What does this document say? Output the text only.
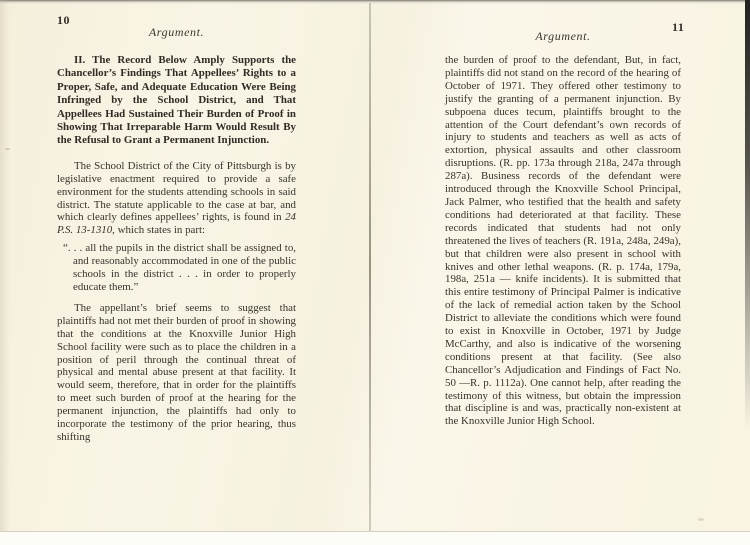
10
Argument.

II. The Record Below Amply Supports the Chancellor’s Findings That Appellees’ Rights to a Proper, Safe, and Adequate Education Were Being Infringed by the School District, and That Appellees Had Sustained Their Burden of Proof in Showing That Irreparable Harm Would Result By the Refusal to Grant a Permanent Injunction.

The School District of the City of Pittsburgh is by legislative enactment required to provide a safe environment for the students attending schools in said district. The statute applicable to the case at bar, and which clearly defines appellees’ rights, is found in 24 P.S. 13-1310, which states in part:

“. . . all the pupils in the district shall be assigned to, and reasonably accommodated in one of the public schools in the district . . . in order to properly educate them.”

The appellant’s brief seems to suggest that plaintiffs had not met their burden of proof in showing that the conditions at the Knoxville Junior High School facility were such as to place the children in a position of peril through the continual threat of physical and mental abuse present at that facility. It would seem, therefore, that in order for the plaintiffs to meet such burden of proof at the hearing for the permanent injunction, the plaintiffs had only to incorporate the testimony of the prior hearing, thus shifting

11
Argument.

the burden of proof to the defendant, But, in fact, plaintiffs did not stand on the record of the hearing of October of 1971. They offered other testimony to justify the granting of a permanent injunction. By subpoena duces tecum, plaintiffs brought to the attention of the Court defendant’s own records of injury to students and teachers as well as acts of extortion, physical assaults and other classroom disruptions. (R. pp. 173a through 218a, 247a through 287a). Business records of the defendant were introduced through the Knoxville School Principal, Jack Palmer, who testified that the health and safety conditions had deteriorated at that facility. These records indicated that students had not only threatened the lives of teachers (R. 191a, 248a, 249a), but that children were also present in school with knives and other lethal weapons. (R. p. 174a, 179a, 198a, 251a — knife incidents). It is submitted that this entire testimony of Principal Palmer is indicative of the lack of remedial action taken by the School District to alleviate the conditions which were found to exist in Knoxville in October, 1971 by Judge McCarthy, and also is indicative of the worsening conditions present at that facility. (See also Chancellor’s Adjudication and Findings of Fact No. 50 —R. p. 1112a). One cannot help, after reading the testimony of this witness, but obtain the impression that discipline is and was, practically non-existent at the Knoxville Junior High School.
